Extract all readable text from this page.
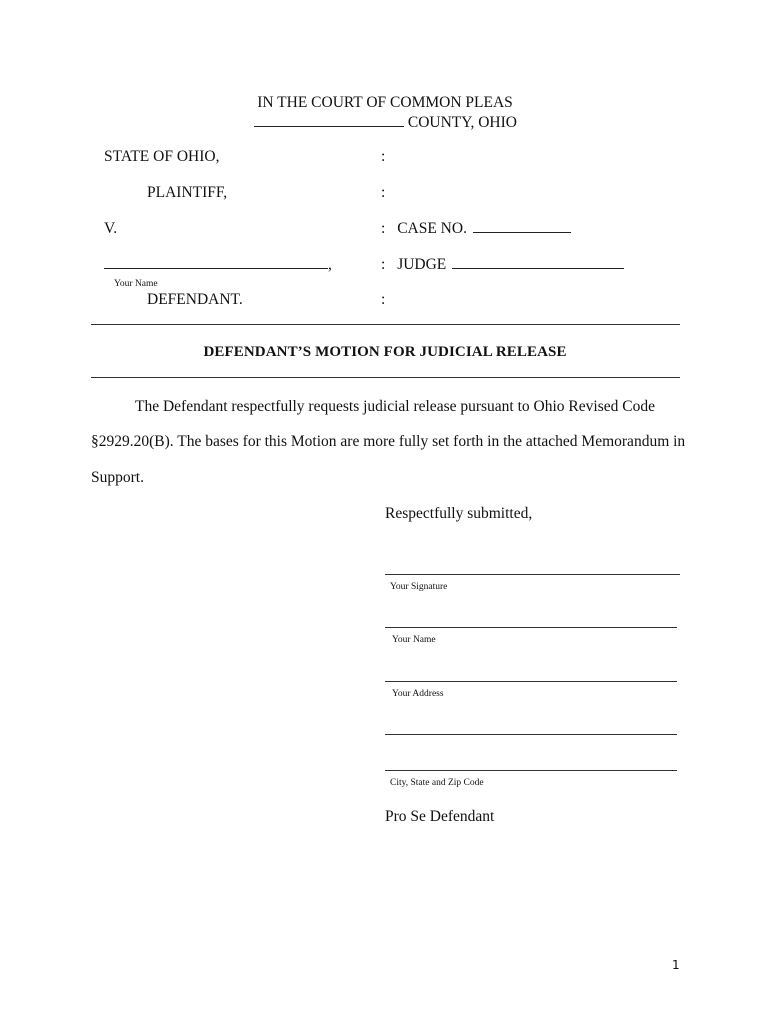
IN THE COURT OF COMMON PLEAS
COUNTY, OHIO
STATE OF OHIO,
PLAINTIFF,
V.
,
Your Name
DEFENDANT.
:
:
: CASE NO.
: JUDGE
:
DEFENDANT’S MOTION FOR JUDICIAL RELEASE
The Defendant respectfully requests judicial release pursuant to Ohio Revised Code
§2929.20(B). The bases for this Motion are more fully set forth in the attached Memorandum in
Support.
Respectfully submitted,
Your Signature
Your Name
Your Address
City, State and Zip Code
Pro Se Defendant
1
